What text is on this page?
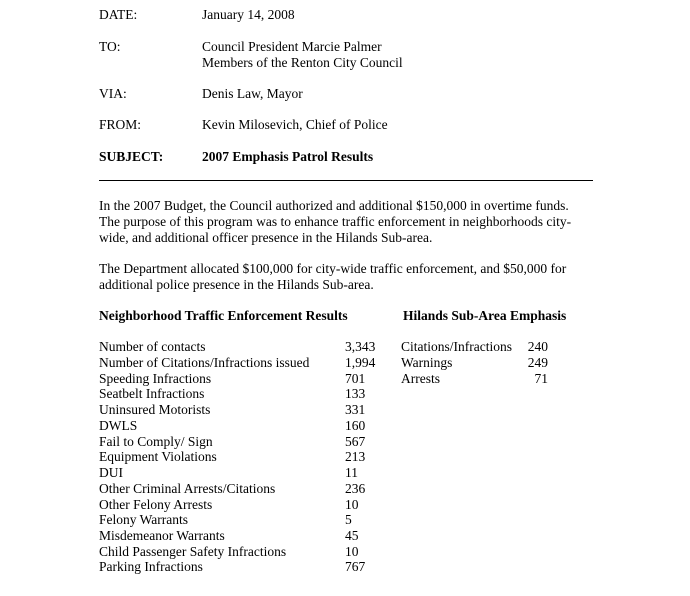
DATE:	January 14, 2008
TO:	Council President Marcie Palmer
Members of the Renton City Council
VIA:	Denis Law, Mayor
FROM:	Kevin Milosevich, Chief of Police
SUBJECT:	2007 Emphasis Patrol Results
In the 2007 Budget, the Council authorized and additional $150,000 in overtime funds.
The purpose of this program was to enhance traffic enforcement in neighborhoods city-
wide, and additional officer presence in the Hilands Sub-area.
The Department allocated $100,000 for city-wide traffic enforcement, and $50,000 for
additional police presence in the Hilands Sub-area.
Neighborhood Traffic Enforcement Results	Hilands Sub-Area Emphasis
Number of contacts	3,343
Number of Citations/Infractions issued	1,994
Speeding Infractions	701
Seatbelt Infractions	133
Uninsured Motorists	331
DWLS	160
Fail to Comply/ Sign	567
Equipment Violations	213
DUI	11
Other Criminal Arrests/Citations	236
Other Felony Arrests	10
Felony Warrants	5
Misdemeanor Warrants	45
Child Passenger Safety Infractions	10
Parking Infractions	767
Citations/Infractions 240
Warnings	249
Arrests	71
